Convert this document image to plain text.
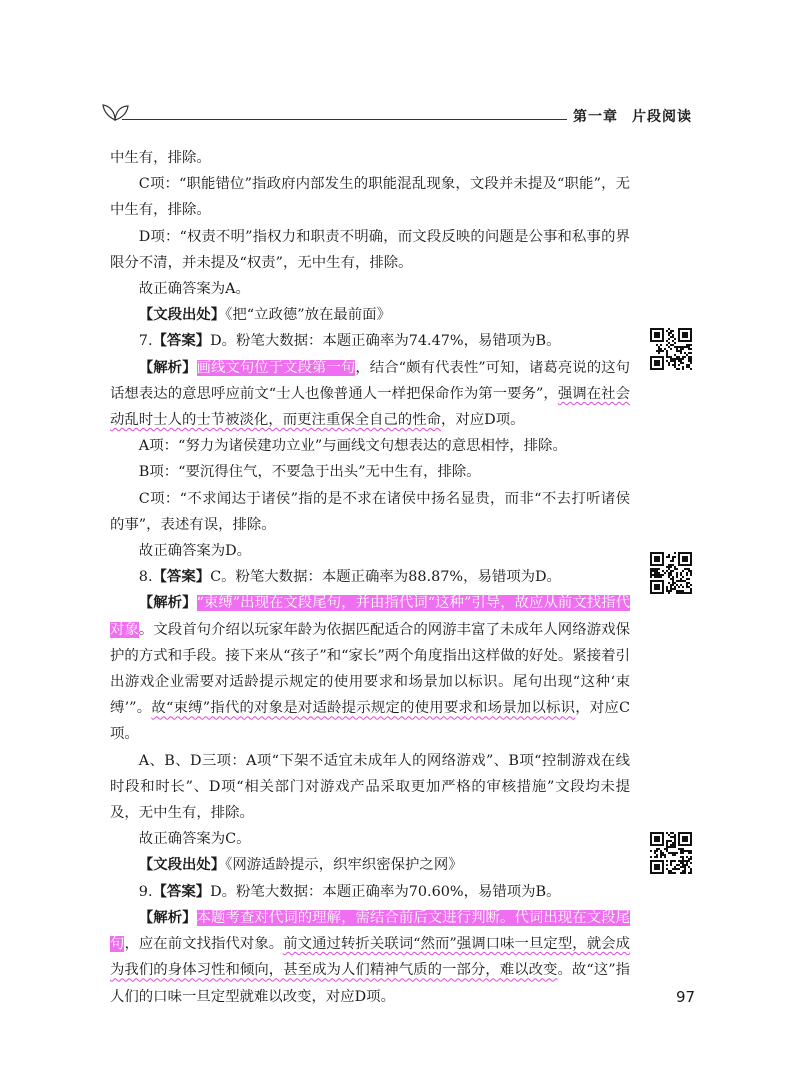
第一章 片段阅读

中生有，排除。

C项：“职能错位”指政府内部发生的职能混乱现象，文段并未提及“职能”，无中生有，排除。

D项：“权责不明”指权力和职责不明确，而文段反映的问题是公事和私事的界限分不清，并未提及“权责”，无中生有，排除。

故正确答案为A。

【文段出处】《把“立政德”放在最前面》

7.【答案】D。粉笔大数据：本题正确率为74.47%，易错项为B。

【解析】画线文句位于文段第一句，结合“颇有代表性”可知，诸葛亮说的这句话想表达的意思呼应前文“士人也像普通人一样把保命作为第一要务”，强调在社会动乱时士人的士节被淡化，而更注重保全自己的性命，对应D项。

A项：“努力为诸侯建功立业”与画线文句想表达的意思相悖，排除。

B项：“要沉得住气，不要急于出头”无中生有，排除。

C项：“不求闻达于诸侯”指的是不求在诸侯中扬名显贵，而非“不去打听诸侯的事”，表述有误，排除。

故正确答案为D。

8.【答案】C。粉笔大数据：本题正确率为88.87%，易错项为D。

【解析】“束缚”出现在文段尾句，并由指代词“这种”引导，故应从前文找指代对象。文段首句介绍以玩家年龄为依据匹配适合的网游丰富了未成年人网络游戏保护的方式和手段。接下来从“孩子”和“家长”两个角度指出这样做的好处。紧接着引出游戏企业需要对适龄提示规定的使用要求和场景加以标识。尾句出现“这种‘束缚’”。故“束缚”指代的对象是对适龄提示规定的使用要求和场景加以标识，对应C项。

A、B、D三项：A项“下架不适宜未成年人的网络游戏”、B项“控制游戏在线时段和时长”、D项“相关部门对游戏产品采取更加严格的审核措施”文段均未提及，无中生有，排除。

故正确答案为C。

【文段出处】《网游适龄提示，织牢织密保护之网》

9.【答案】D。粉笔大数据：本题正确率为70.60%，易错项为B。

【解析】本题考查对代词的理解，需结合前后文进行判断。代词出现在文段尾句，应在前文找指代对象。前文通过转折关联词“然而”强调口味一旦定型，就会成为我们的身体习性和倾向，甚至成为人们精神气质的一部分，难以改变。故“这”指人们的口味一旦定型就难以改变，对应D项。	97
